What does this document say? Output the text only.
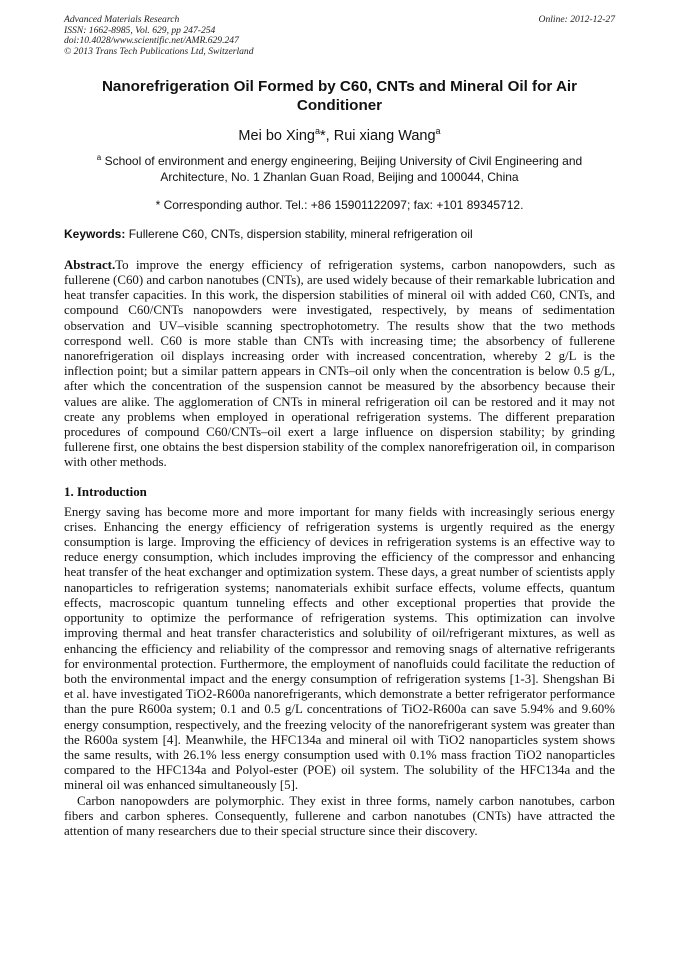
Advanced Materials Research	Online: 2012-12-27
ISSN: 1662-8985, Vol. 629, pp 247-254
doi:10.4028/www.scientific.net/AMR.629.247
© 2013 Trans Tech Publications Ltd, Switzerland
Nanorefrigeration Oil Formed by C60, CNTs and Mineral Oil for Air Conditioner
Mei bo Xing$^a$*, Rui xiang Wang$^a$
$^a$ School of environment and energy engineering, Beijing University of Civil Engineering and Architecture, No. 1 Zhanlan Guan Road, Beijing and 100044, China
* Corresponding author. Tel.: +86 15901122097; fax: +101 89345712.
Keywords: Fullerene C60, CNTs, dispersion stability, mineral refrigeration oil
Abstract.To improve the energy efficiency of refrigeration systems, carbon nanopowders, such as fullerene (C60) and carbon nanotubes (CNTs), are used widely because of their remarkable lubrication and heat transfer capacities. In this work, the dispersion stabilities of mineral oil with added C60, CNTs, and compound C60/CNTs nanopowders were investigated, respectively, by means of sedimentation observation and UV–visible scanning spectrophotometry. The results show that the two methods correspond well. C60 is more stable than CNTs with increasing time; the absorbency of fullerene nanorefrigeration oil displays increasing order with increased concentration, whereby 2 g/L is the inflection point; but a similar pattern appears in CNTs–oil only when the concentration is below 0.5 g/L, after which the concentration of the suspension cannot be measured by the absorbency because their values are alike. The agglomeration of CNTs in mineral refrigeration oil can be restored and it may not create any problems when employed in operational refrigeration systems. The different preparation procedures of compound C60/CNTs–oil exert a large influence on dispersion stability; by grinding fullerene first, one obtains the best dispersion stability of the complex nanorefrigeration oil, in comparison with other methods.
1. Introduction
Energy saving has become more and more important for many fields with increasingly serious energy crises. Enhancing the energy efficiency of refrigeration systems is urgently required as the energy consumption is large. Improving the efficiency of devices in refrigeration systems is an effective way to reduce energy consumption, which includes improving the efficiency of the compressor and enhancing heat transfer of the heat exchanger and optimization system. These days, a great number of scientists apply nanoparticles to refrigeration systems; nanomaterials exhibit surface effects, volume effects, quantum effects, macroscopic quantum tunneling effects and other exceptional properties that provide the opportunity to optimize the performance of refrigeration systems. This optimization can involve improving thermal and heat transfer characteristics and solubility of oil/refrigerant mixtures, as well as enhancing the efficiency and reliability of the compressor and removing snags of alternative refrigerants for environmental protection. Furthermore, the employment of nanofluids could facilitate the reduction of both the environmental impact and the energy consumption of refrigeration systems [1-3]. Shengshan Bi et al. have investigated TiO2-R600a nanorefrigerants, which demonstrate a better refrigerator performance than the pure R600a system; 0.1 and 0.5 g/L concentrations of TiO2-R600a can save 5.94% and 9.60% energy consumption, respectively, and the freezing velocity of the nanorefrigerant system was greater than the R600a system [4]. Meanwhile, the HFC134a and mineral oil with TiO2 nanoparticles system shows the same results, with 26.1% less energy consumption used with 0.1% mass fraction TiO2 nanoparticles compared to the HFC134a and Polyol-ester (POE) oil system. The solubility of the HFC134a and the mineral oil was enhanced simultaneously [5].
Carbon nanopowders are polymorphic. They exist in three forms, namely carbon nanotubes, carbon fibers and carbon spheres. Consequently, fullerene and carbon nanotubes (CNTs) have attracted the attention of many researchers due to their special structure since their discovery.
